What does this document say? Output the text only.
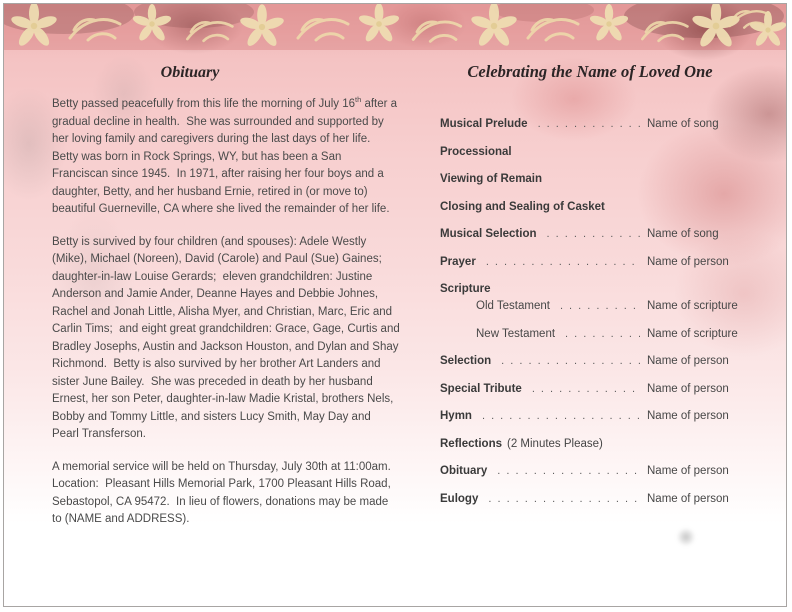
Obituary

Betty passed peacefully from this life the morning of July 16th after a gradual decline in health.  She was surrounded and supported by her loving family and caregivers during the last days of her life.  Betty was born in Rock Springs, WY, but has been a San Franciscan since 1945.  In 1971, after raising her four boys and a daughter, Betty, and her husband Ernie, retired in (or move to) beautiful Guerneville, CA where she lived the remainder of her life.

Betty is survived by four children (and spouses): Adele Westly (Mike), Michael (Noreen), David (Carole) and Paul (Sue) Gaines;  daughter-in-law Louise Gerards;  eleven grandchildren: Justine Anderson and Jamie Ander, Deanne Hayes and Debbie Johnes, Rachel and Jonah Little, Alisha Myer, and Christian, Marc, Eric and Carlin Tims;  and eight great grandchildren: Grace, Gage, Curtis and Bradley Josephs, Austin and Jackson Houston, and Dylan and Shay Richmond.  Betty is also survived by her brother Art Landers and sister June Bailey.  She was preceded in death by her husband Ernest, her son Peter, daughter-in-law Madie Kristal, brothers Nels, Bobby and Tommy Little, and sisters Lucy Smith, May Day and Pearl Transferson.

A memorial service will be held on Thursday, July 30th at 11:00am.  Location:  Pleasant Hills Memorial Park, 1700 Pleasant Hills Road, Sebastopol, CA 95472.  In lieu of flowers, donations may be made to (NAME and ADDRESS).

Celebrating the Name of Loved One
Musical Prelude . . .	Name of song
Processional
Viewing of Remain
Closing and Sealing of Casket
Musical Selection . . .	Name of song
Prayer . . .	Name of person
Scripture
Old Testament . . .	Name of scripture
New Testament . . .	Name of scripture
Selection . . .	Name of person
Special Tribute . . .	Name of person
Hymn . . .	Name of person
Reflections (2 Minutes Please)
Obituary . . .	Name of person
Eulogy . . .	Name of person
